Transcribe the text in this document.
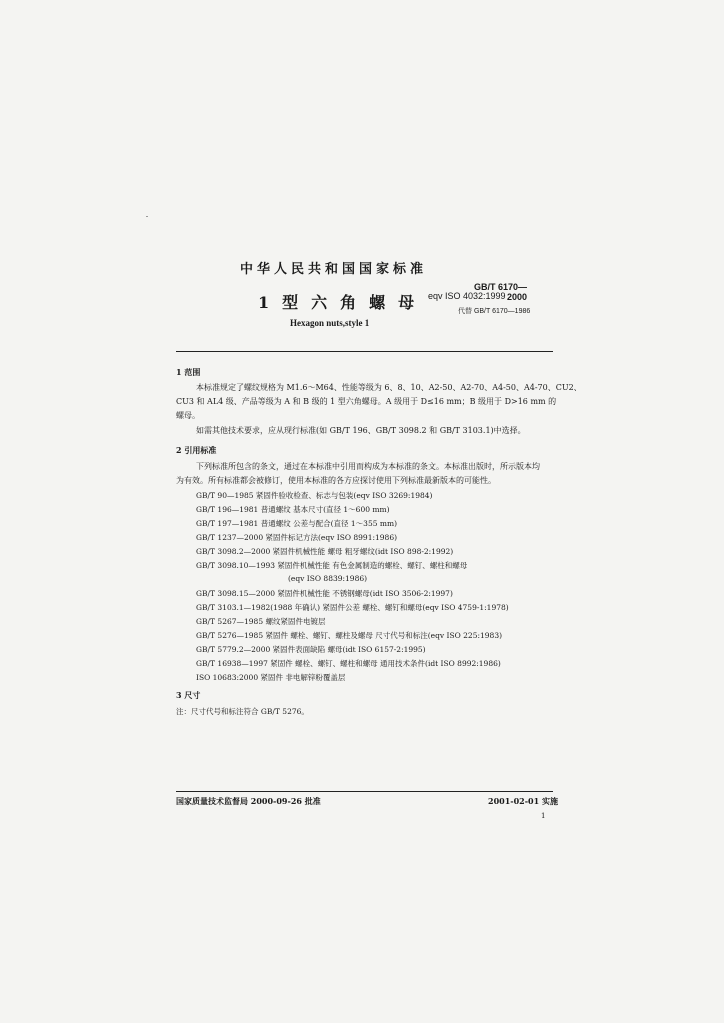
中华人民共和国国家标准
1型六角螺母
Hexagon nuts,style 1
GB/T 6170—2000
eqv ISO 4032:1999
代替 GB/T 6170—1986
1 范围
本标准规定了螺纹规格为 M1.6～M64、性能等级为 6、8、10、A2-50、A2-70、A4-50、A4-70、CU2、
CU3 和 AL4 级、产品等级为 A 和 B 级的 1 型六角螺母。A 级用于 D≤16 mm；B 级用于 D>16 mm 的
螺母。
如需其他技术要求，应从现行标准(如 GB/T 196、GB/T 3098.2 和 GB/T 3103.1)中选择。
2 引用标准
下列标准所包含的条文，通过在本标准中引用而构成为本标准的条文。本标准出版时，所示版本均
为有效。所有标准都会被修订，使用本标准的各方应探讨使用下列标准最新版本的可能性。
GB/T 90—1985 紧固件验收检查、标志与包装(eqv ISO 3269:1984)
GB/T 196—1981 普通螺纹 基本尺寸(直径 1～600 mm)
GB/T 197—1981 普通螺纹 公差与配合(直径 1～355 mm)
GB/T 1237—2000 紧固件标记方法(eqv ISO 8991:1986)
GB/T 3098.2—2000 紧固件机械性能 螺母 粗牙螺纹(idt ISO 898-2:1992)
GB/T 3098.10—1993 紧固件机械性能 有色金属制造的螺栓、螺钉、螺柱和螺母
(eqv ISO 8839:1986)
GB/T 3098.15—2000 紧固件机械性能 不锈钢螺母(idt ISO 3506-2:1997)
GB/T 3103.1—1982(1988 年确认) 紧固件公差 螺栓、螺钉和螺母(eqv ISO 4759-1:1978)
GB/T 5267—1985 螺纹紧固件电镀层
GB/T 5276—1985 紧固件 螺栓、螺钉、螺柱及螺母 尺寸代号和标注(eqv ISO 225:1983)
GB/T 5779.2—2000 紧固件表面缺陷 螺母(idt ISO 6157-2:1995)
GB/T 16938—1997 紧固件 螺栓、螺钉、螺柱和螺母 通用技术条件(idt ISO 8992:1986)
ISO 10683:2000 紧固件 非电解锌粉覆盖层
3 尺寸
注：尺寸代号和标注符合 GB/T 5276。
国家质量技术监督局 2000-09-26 批准	2001-02-01 实施
1
